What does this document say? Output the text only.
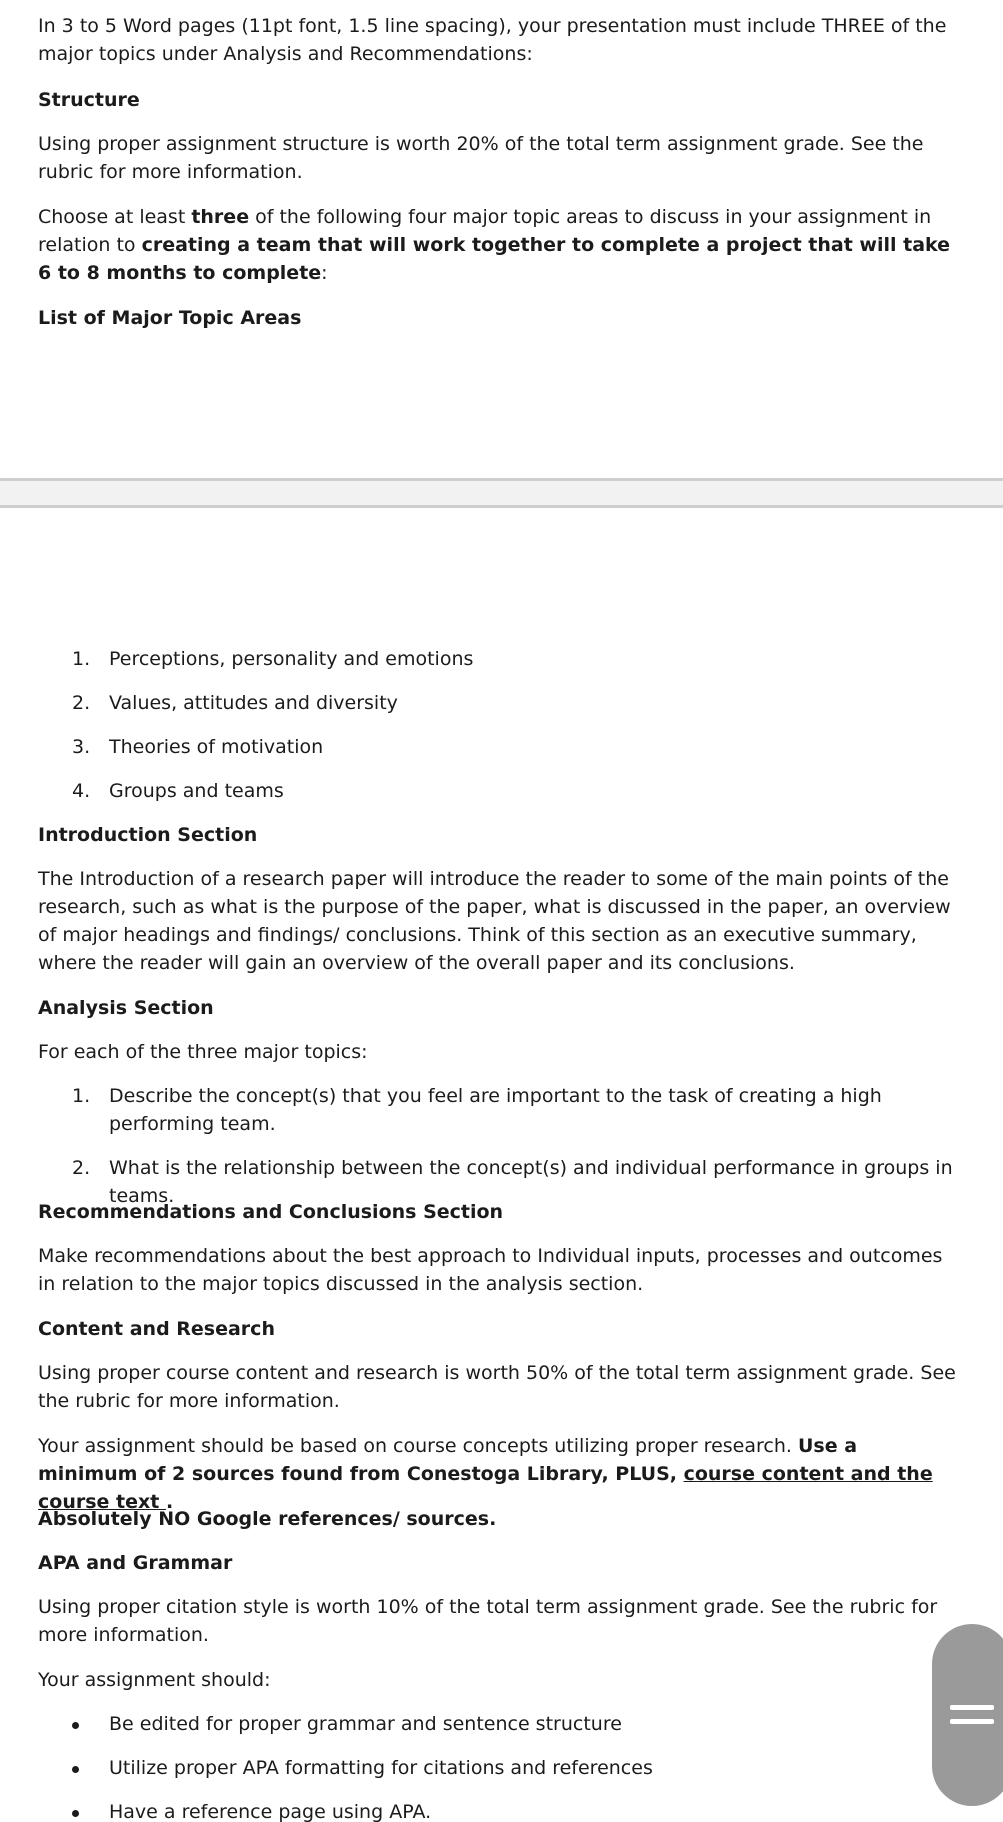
In 3 to 5 Word pages (11pt font, 1.5 line spacing), your presentation must include THREE of the major topics under Analysis and Recommendations:

Structure

Using proper assignment structure is worth 20% of the total term assignment grade. See the rubric for more information.

Choose at least three of the following four major topic areas to discuss in your assignment in relation to creating a team that will work together to complete a project that will take 6 to 8 months to complete:

List of Major Topic Areas

1. Perceptions, personality and emotions
2. Values, attitudes and diversity
3. Theories of motivation
4. Groups and teams

Introduction Section

The Introduction of a research paper will introduce the reader to some of the main points of the research, such as what is the purpose of the paper, what is discussed in the paper, an overview of major headings and findings/ conclusions. Think of this section as an executive summary, where the reader will gain an overview of the overall paper and its conclusions.

Analysis Section

For each of the three major topics:

1. Describe the concept(s) that you feel are important to the task of creating a high performing team.
2. What is the relationship between the concept(s) and individual performance in groups in teams.

Recommendations and Conclusions Section

Make recommendations about the best approach to Individual inputs, processes and outcomes in relation to the major topics discussed in the analysis section.

Content and Research

Using proper course content and research is worth 50% of the total term assignment grade. See the rubric for more information.

Your assignment should be based on course concepts utilizing proper research. Use a minimum of 2 sources found from Conestoga Library, PLUS, course content and the course text .

Absolutely NO Google references/ sources.

APA and Grammar

Using proper citation style is worth 10% of the total term assignment grade. See the rubric for more information.

Your assignment should:

Be edited for proper grammar and sentence structure
Utilize proper APA formatting for citations and references
Have a reference page using APA.
